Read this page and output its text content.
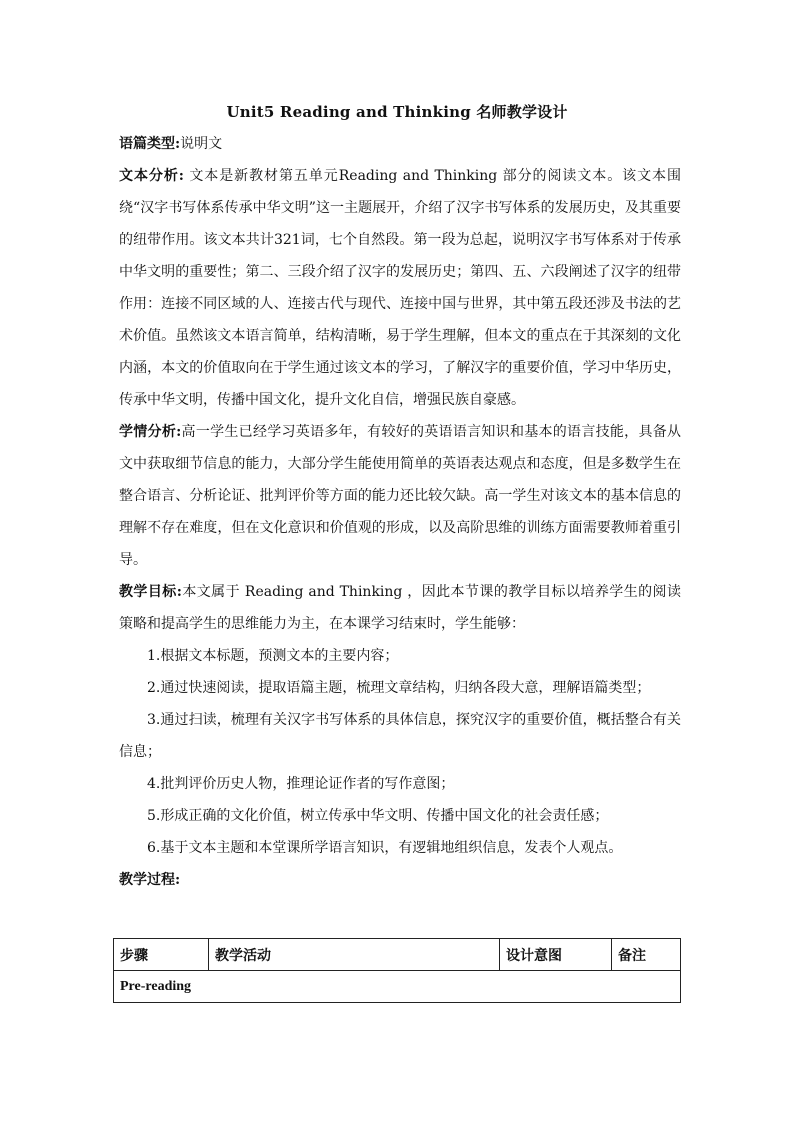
Unit5 Reading and Thinking 名师教学设计

语篇类型:说明文

文本分析: 文本是新教材第五单元Reading and Thinking 部分的阅读文本。该文本围绕“汉字书写体系传承中华文明”这一主题展开，介绍了汉字书写体系的发展历史，及其重要的纽带作用。该文本共计321词，七个自然段。第一段为总起，说明汉字书写体系对于传承中华文明的重要性；第二、三段介绍了汉字的发展历史；第四、五、六段阐述了汉字的纽带作用：连接不同区域的人、连接古代与现代、连接中国与世界，其中第五段还涉及书法的艺术价值。虽然该文本语言简单，结构清晰，易于学生理解，但本文的重点在于其深刻的文化内涵，本文的价值取向在于学生通过该文本的学习，了解汉字的重要价值，学习中华历史，传承中华文明，传播中国文化，提升文化自信，增强民族自豪感。

学情分析:高一学生已经学习英语多年，有较好的英语语言知识和基本的语言技能，具备从文中获取细节信息的能力，大部分学生能使用简单的英语表达观点和态度，但是多数学生在整合语言、分析论证、批判评价等方面的能力还比较欠缺。高一学生对该文本的基本信息的理解不存在难度，但在文化意识和价值观的形成，以及高阶思维的训练方面需要教师着重引导。

教学目标:本文属于 Reading and Thinking ，因此本节课的教学目标以培养学生的阅读策略和提高学生的思维能力为主，在本课学习结束时，学生能够：

1.根据文本标题，预测文本的主要内容；

2.通过快速阅读，提取语篇主题，梳理文章结构，归纳各段大意，理解语篇类型；

3.通过扫读，梳理有关汉字书写体系的具体信息，探究汉字的重要价值，概括整合有关信息；

4.批判评价历史人物，推理论证作者的写作意图；

5.形成正确的文化价值，树立传承中华文明、传播中国文化的社会责任感；

6.基于文本主题和本堂课所学语言知识，有逻辑地组织信息，发表个人观点。

教学过程:

步骤	教学活动	设计意图	备注
Pre-reading
